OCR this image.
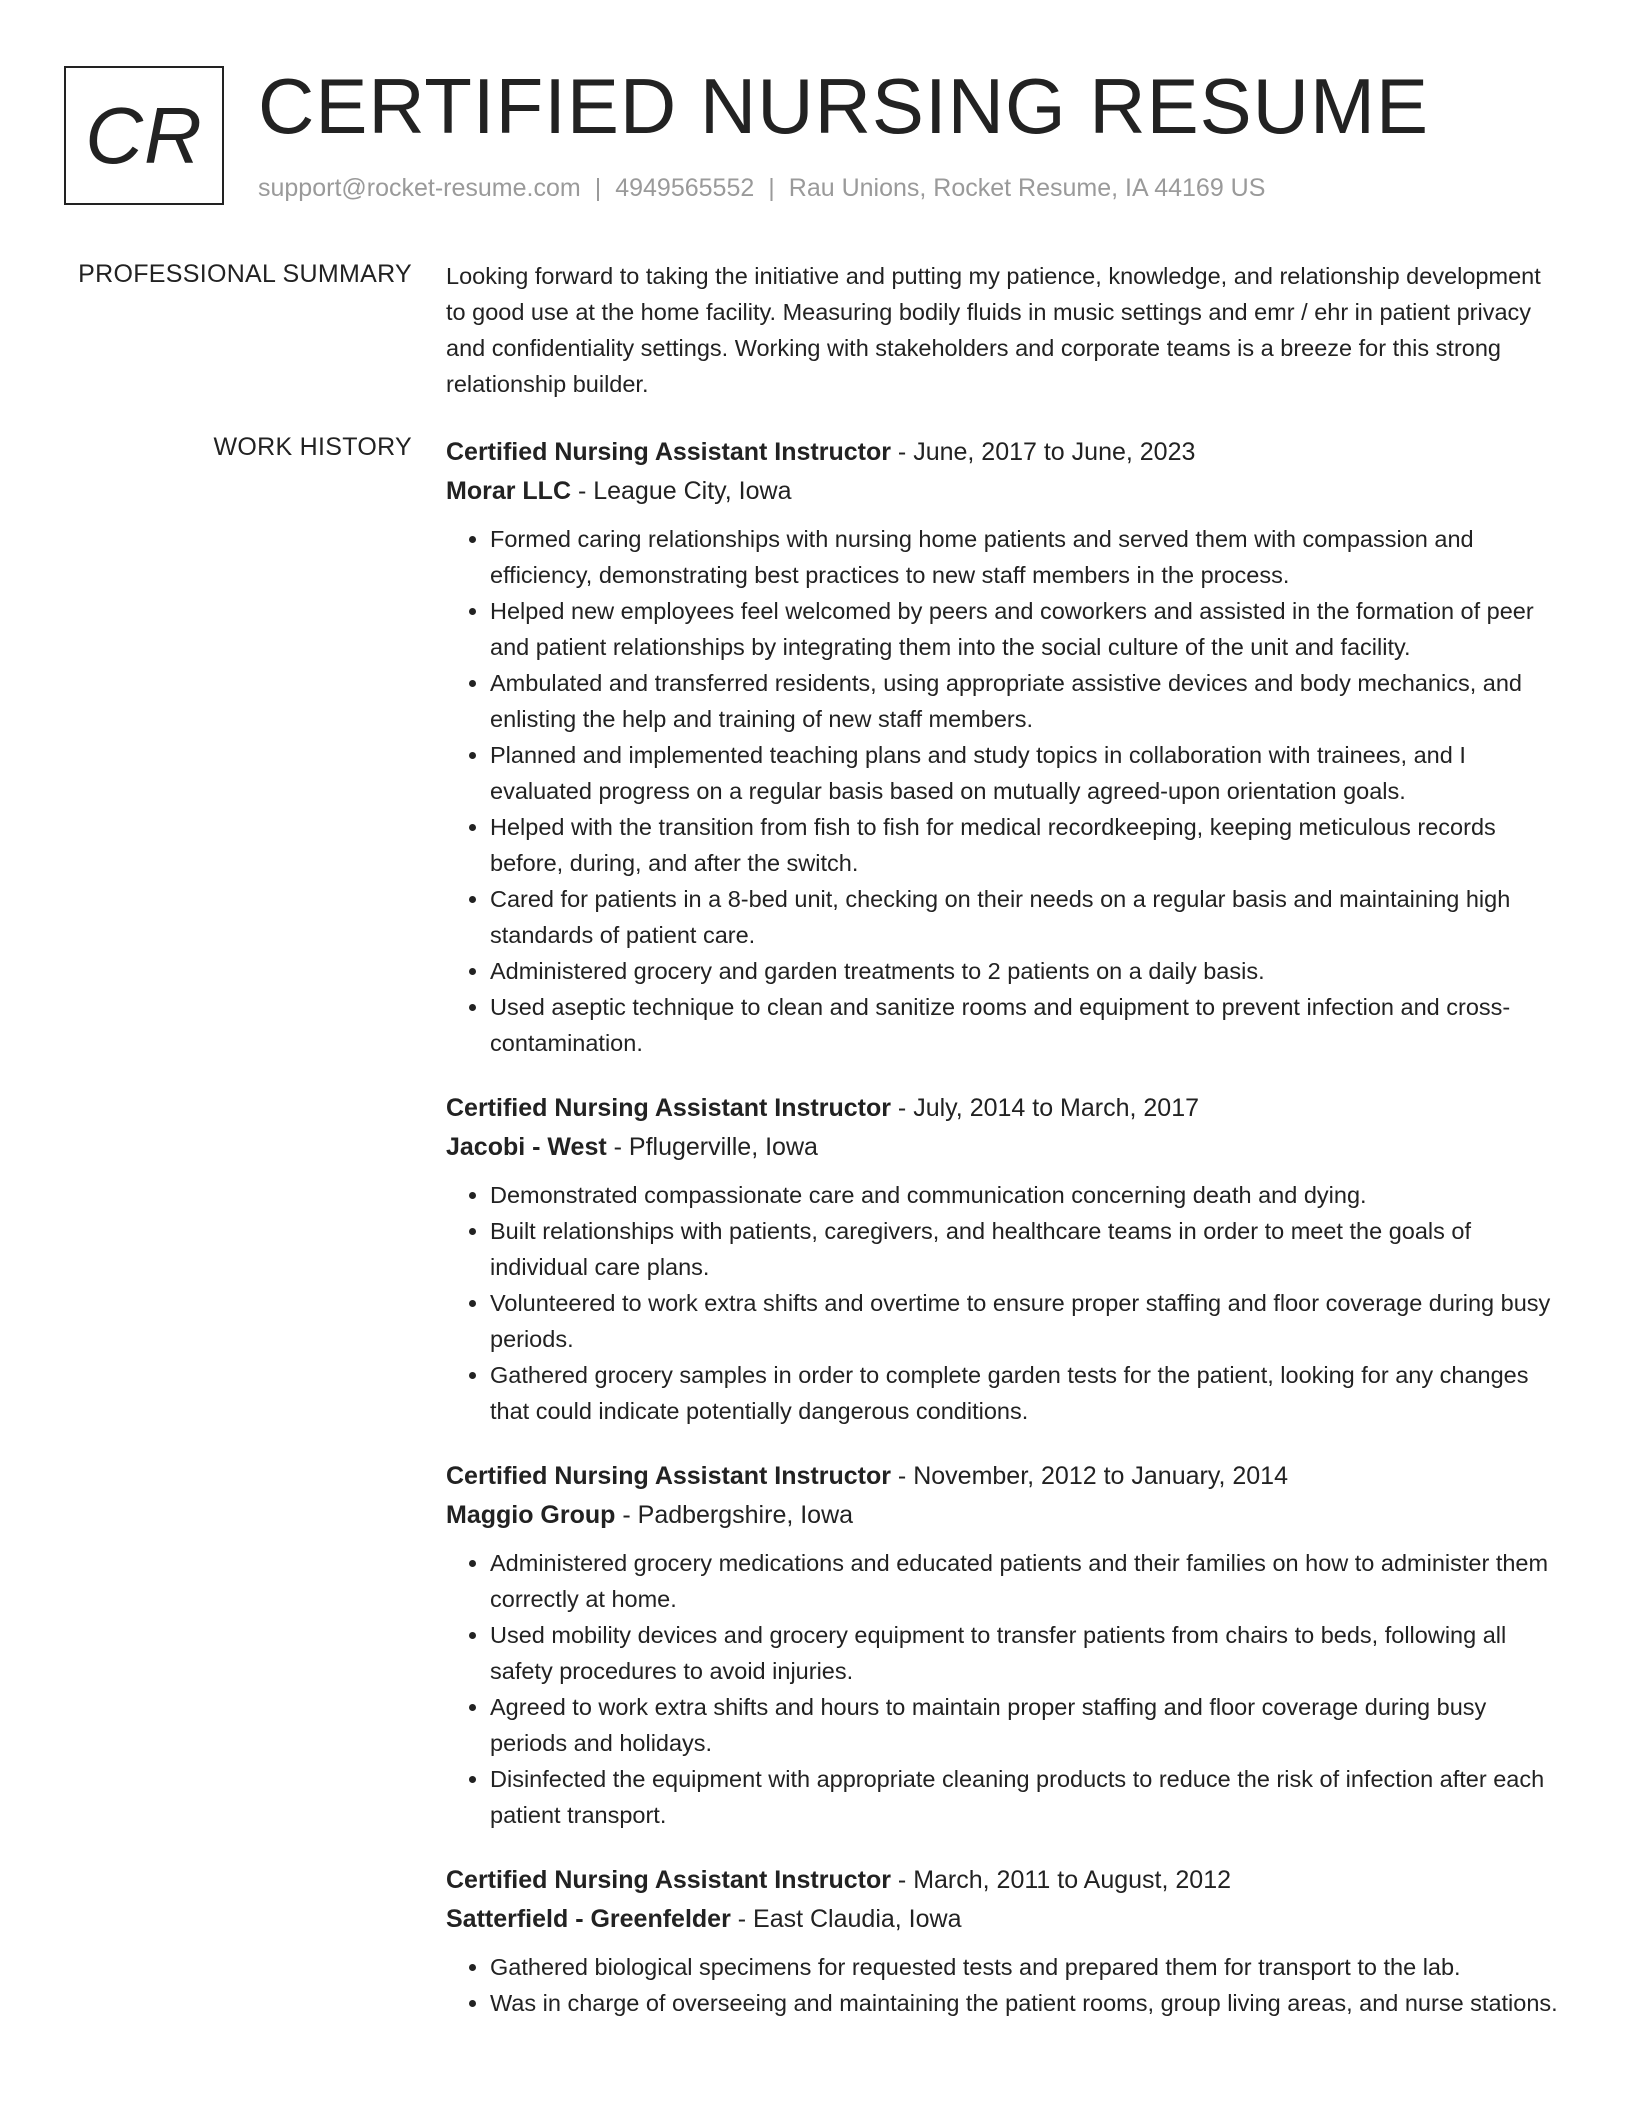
CR CERTIFIED NURSING RESUME
support@rocket-resume.com | 4949565552 | Rau Unions, Rocket Resume, IA 44169 US
PROFESSIONAL SUMMARY Looking forward to taking the initiative and putting my patience, knowledge, and relationship development to good use at the home facility. Measuring bodily fluids in music settings and emr / ehr in patient privacy and confidentiality settings. Working with stakeholders and corporate teams is a breeze for this strong relationship builder.

WORK HISTORY Certified Nursing Assistant Instructor - June, 2017 to June, 2023
Morar LLC - League City, Iowa
• Formed caring relationships with nursing home patients and served them with compassion and efficiency, demonstrating best practices to new staff members in the process.
• Helped new employees feel welcomed by peers and coworkers and assisted in the formation of peer and patient relationships by integrating them into the social culture of the unit and facility.
• Ambulated and transferred residents, using appropriate assistive devices and body mechanics, and enlisting the help and training of new staff members.
• Planned and implemented teaching plans and study topics in collaboration with trainees, and I evaluated progress on a regular basis based on mutually agreed-upon orientation goals.
• Helped with the transition from fish to fish for medical recordkeeping, keeping meticulous records before, during, and after the switch.
• Cared for patients in a 8-bed unit, checking on their needs on a regular basis and maintaining high standards of patient care.
• Administered grocery and garden treatments to 2 patients on a daily basis.
• Used aseptic technique to clean and sanitize rooms and equipment to prevent infection and cross-contamination.
Certified Nursing Assistant Instructor - July, 2014 to March, 2017
Jacobi - West - Pflugerville, Iowa
• Demonstrated compassionate care and communication concerning death and dying.
• Built relationships with patients, caregivers, and healthcare teams in order to meet the goals of individual care plans.
• Volunteered to work extra shifts and overtime to ensure proper staffing and floor coverage during busy periods.
• Gathered grocery samples in order to complete garden tests for the patient, looking for any changes that could indicate potentially dangerous conditions.
Certified Nursing Assistant Instructor - November, 2012 to January, 2014
Maggio Group - Padbergshire, Iowa
• Administered grocery medications and educated patients and their families on how to administer them correctly at home.
• Used mobility devices and grocery equipment to transfer patients from chairs to beds, following all safety procedures to avoid injuries.
• Agreed to work extra shifts and hours to maintain proper staffing and floor coverage during busy periods and holidays.
• Disinfected the equipment with appropriate cleaning products to reduce the risk of infection after each patient transport.
Certified Nursing Assistant Instructor - March, 2011 to August, 2012
Satterfield - Greenfelder - East Claudia, Iowa
• Gathered biological specimens for requested tests and prepared them for transport to the lab.
• Was in charge of overseeing and maintaining the patient rooms, group living areas, and nurse stations.
